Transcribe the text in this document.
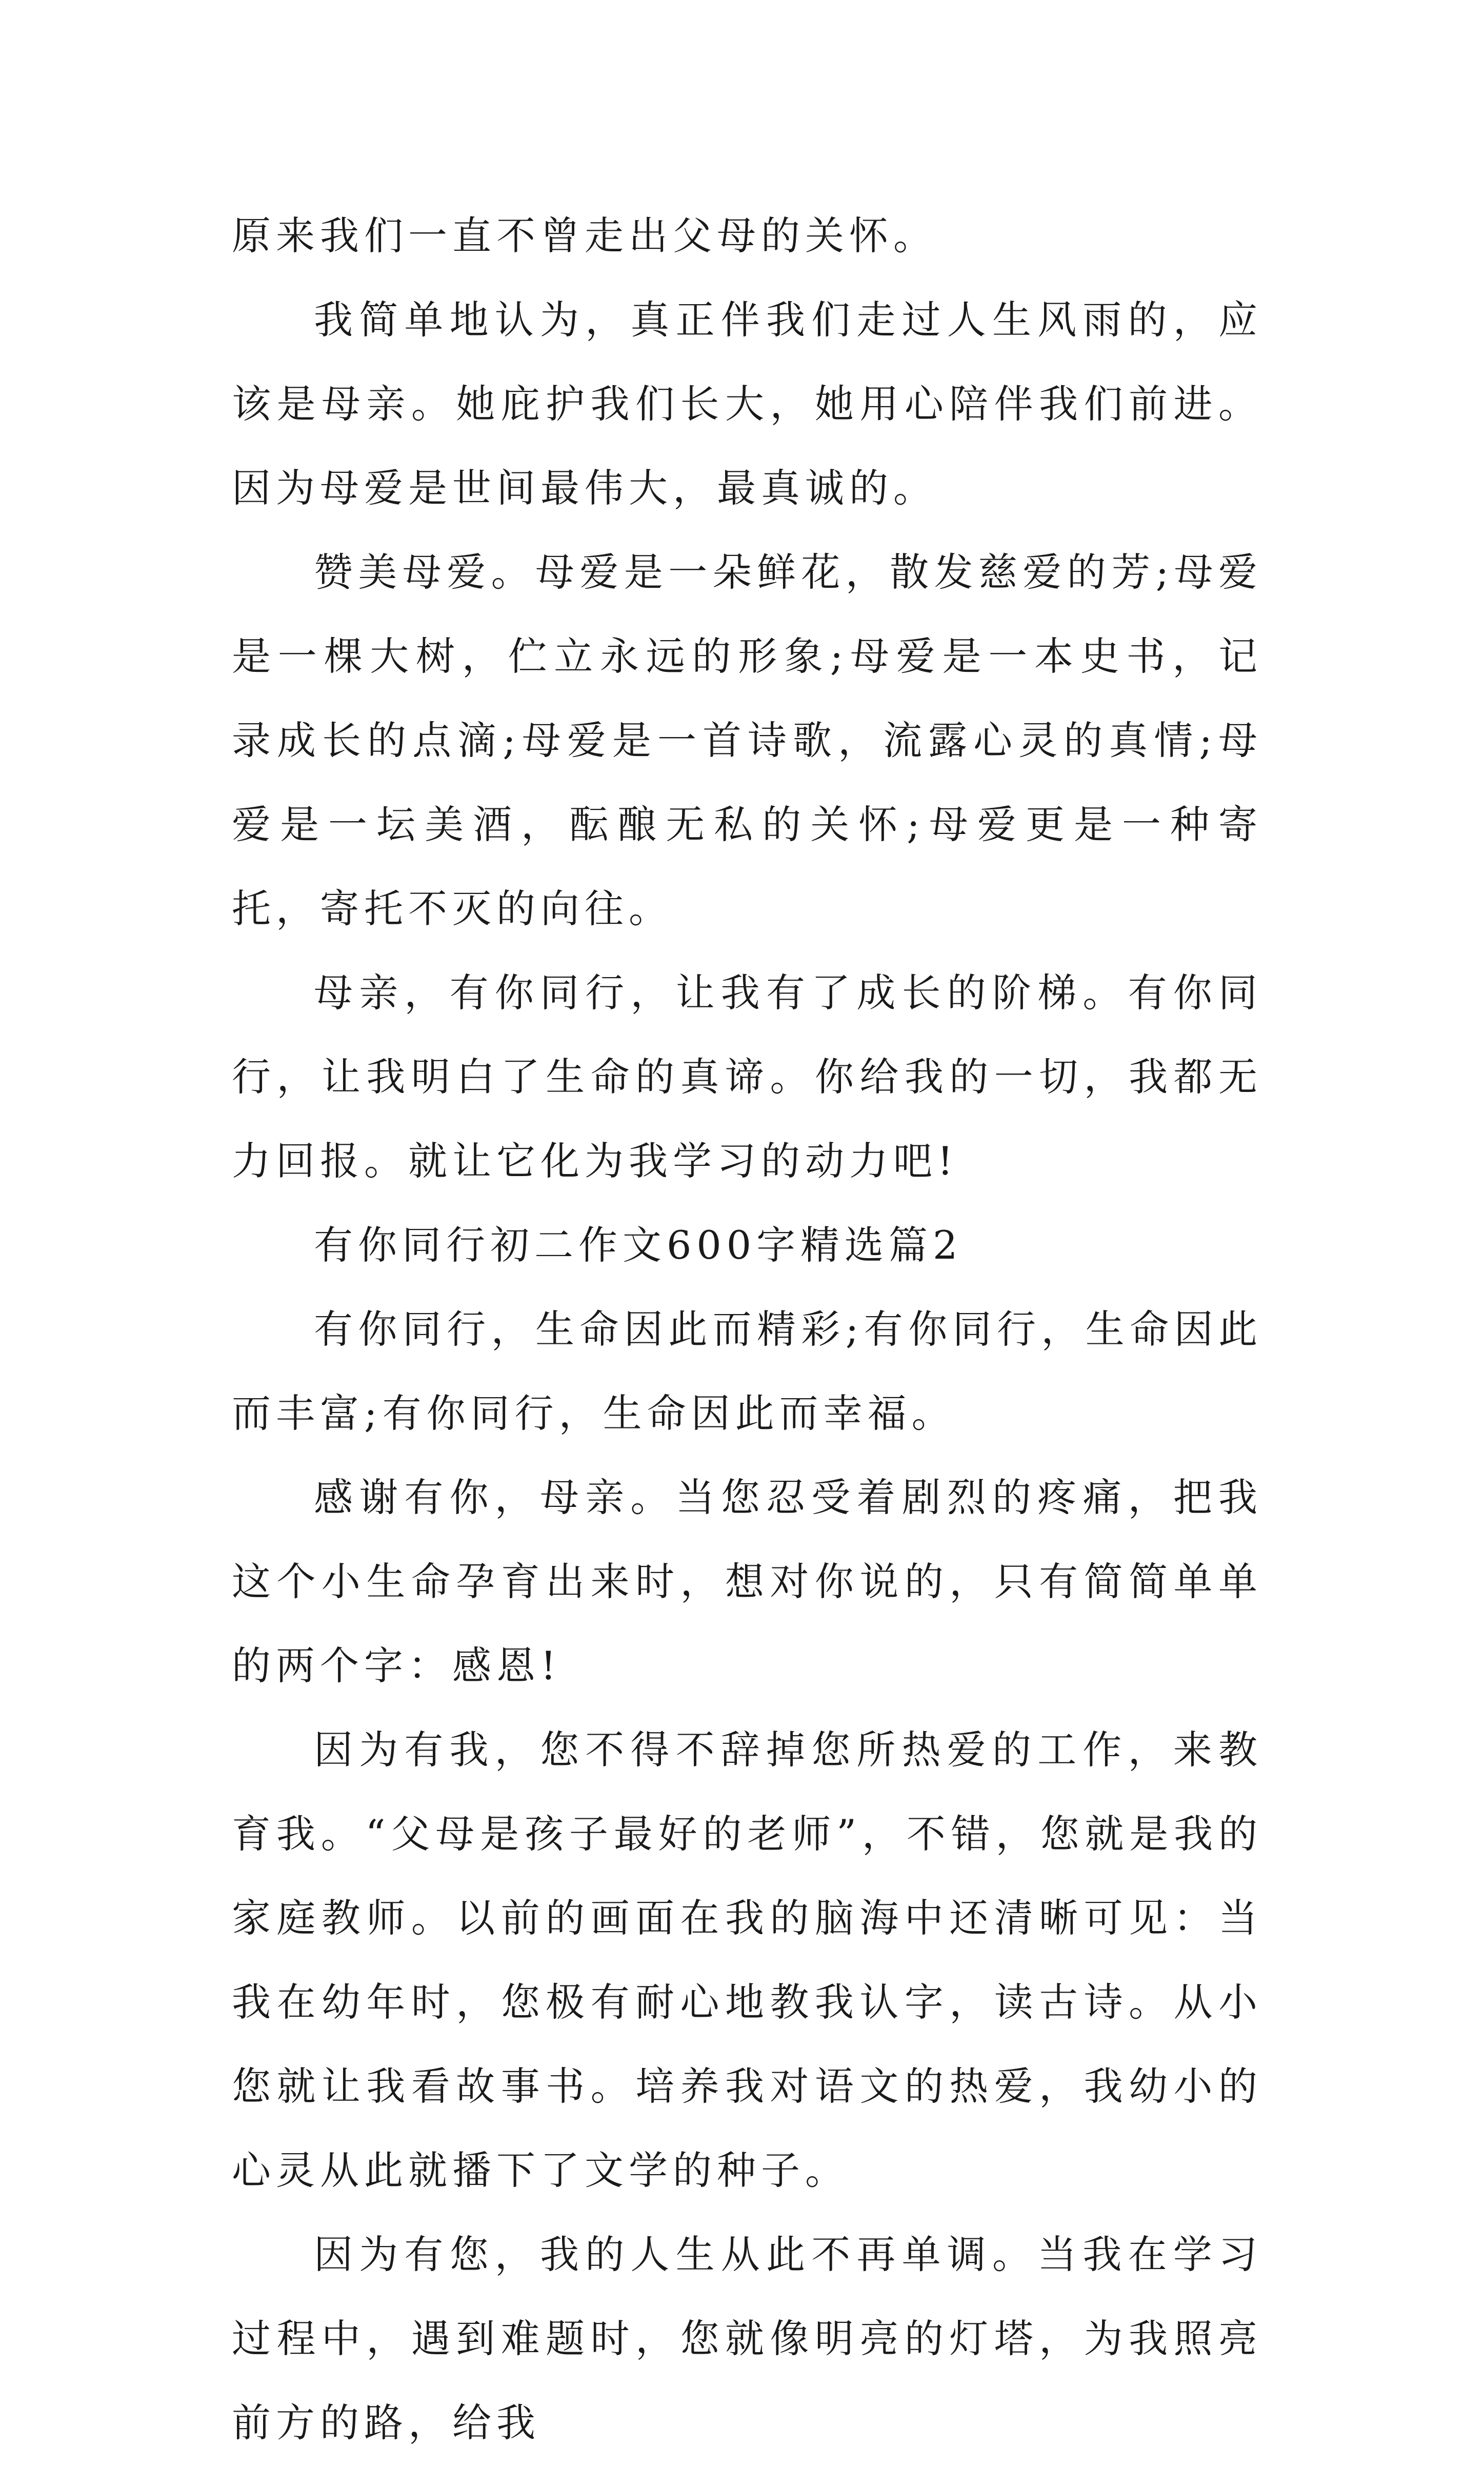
原来我们一直不曾走出父母的关怀。

我简单地认为，真正伴我们走过人生风雨的，应该是母亲。她庇护我们长大，她用心陪伴我们前进。因为母爱是世间最伟大，最真诚的。

赞美母爱。母爱是一朵鲜花，散发慈爱的芳;母爱是一棵大树，伫立永远的形象;母爱是一本史书，记录成长的点滴;母爱是一首诗歌，流露心灵的真情;母爱是一坛美酒，酝酿无私的关怀;母爱更是一种寄托，寄托不灭的向往。

母亲，有你同行，让我有了成长的阶梯。有你同行，让我明白了生命的真谛。你给我的一切，我都无力回报。就让它化为我学习的动力吧!

有你同行初二作文600字精选篇2

有你同行，生命因此而精彩;有你同行，生命因此而丰富;有你同行，生命因此而幸福。

感谢有你，母亲。当您忍受着剧烈的疼痛，把我这个小生命孕育出来时，想对你说的，只有简简单单的两个字：感恩!

因为有我，您不得不辞掉您所热爱的工作，来教育我。“父母是孩子最好的老师”，不错，您就是我的家庭教师。以前的画面在我的脑海中还清晰可见：当我在幼年时，您极有耐心地教我认字，读古诗。从小您就让我看故事书。培养我对语文的热爱，我幼小的心灵从此就播下了文学的种子。

因为有您，我的人生从此不再单调。当我在学习过程中，遇到难题时，您就像明亮的灯塔，为我照亮前方的路，给我
